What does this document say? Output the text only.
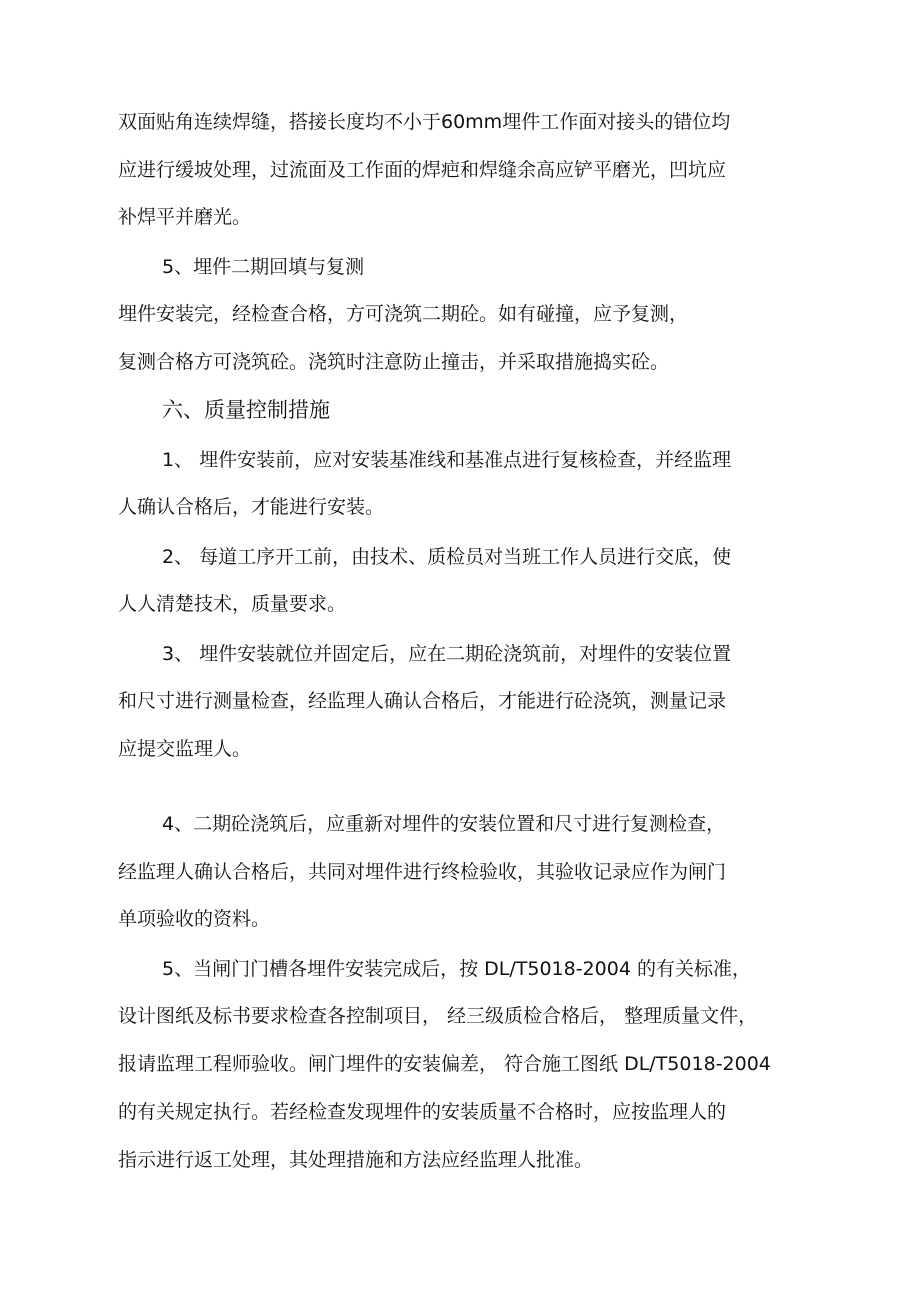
双面贴角连续焊缝，搭接长度均不小于60mm埋件工作面对接头的错位均

应进行缓坡处理，过流面及工作面的焊疤和焊缝余高应铲平磨光，凹坑应

补焊平并磨光。

5、埋件二期回填与复测

埋件安装完，经检查合格，方可浇筑二期砼。如有碰撞，应予复测，

复测合格方可浇筑砼。浇筑时注意防止撞击，并采取措施捣实砼。

六、质量控制措施

1、 埋件安装前，应对安装基准线和基准点进行复核检查，并经监理

人确认合格后，才能进行安装。

2、 每道工序开工前，由技术、质检员对当班工作人员进行交底，使

人人清楚技术，质量要求。

3、 埋件安装就位并固定后，应在二期砼浇筑前，对埋件的安装位置

和尺寸进行测量检查，经监理人确认合格后，才能进行砼浇筑，测量记录

应提交监理人。

4、二期砼浇筑后，应重新对埋件的安装位置和尺寸进行复测检查，

经监理人确认合格后，共同对埋件进行终检验收，其验收记录应作为闸门

单项验收的资料。

5、当闸门门槽各埋件安装完成后，按 DL/T5018-2004 的有关标准，

设计图纸及标书要求检查各控制项目， 经三级质检合格后， 整理质量文件，

报请监理工程师验收。闸门埋件的安装偏差， 符合施工图纸 DL/T5018-2004

的有关规定执行。若经检查发现埋件的安装质量不合格时，应按监理人的

指示进行返工处理，其处理措施和方法应经监理人批准。
